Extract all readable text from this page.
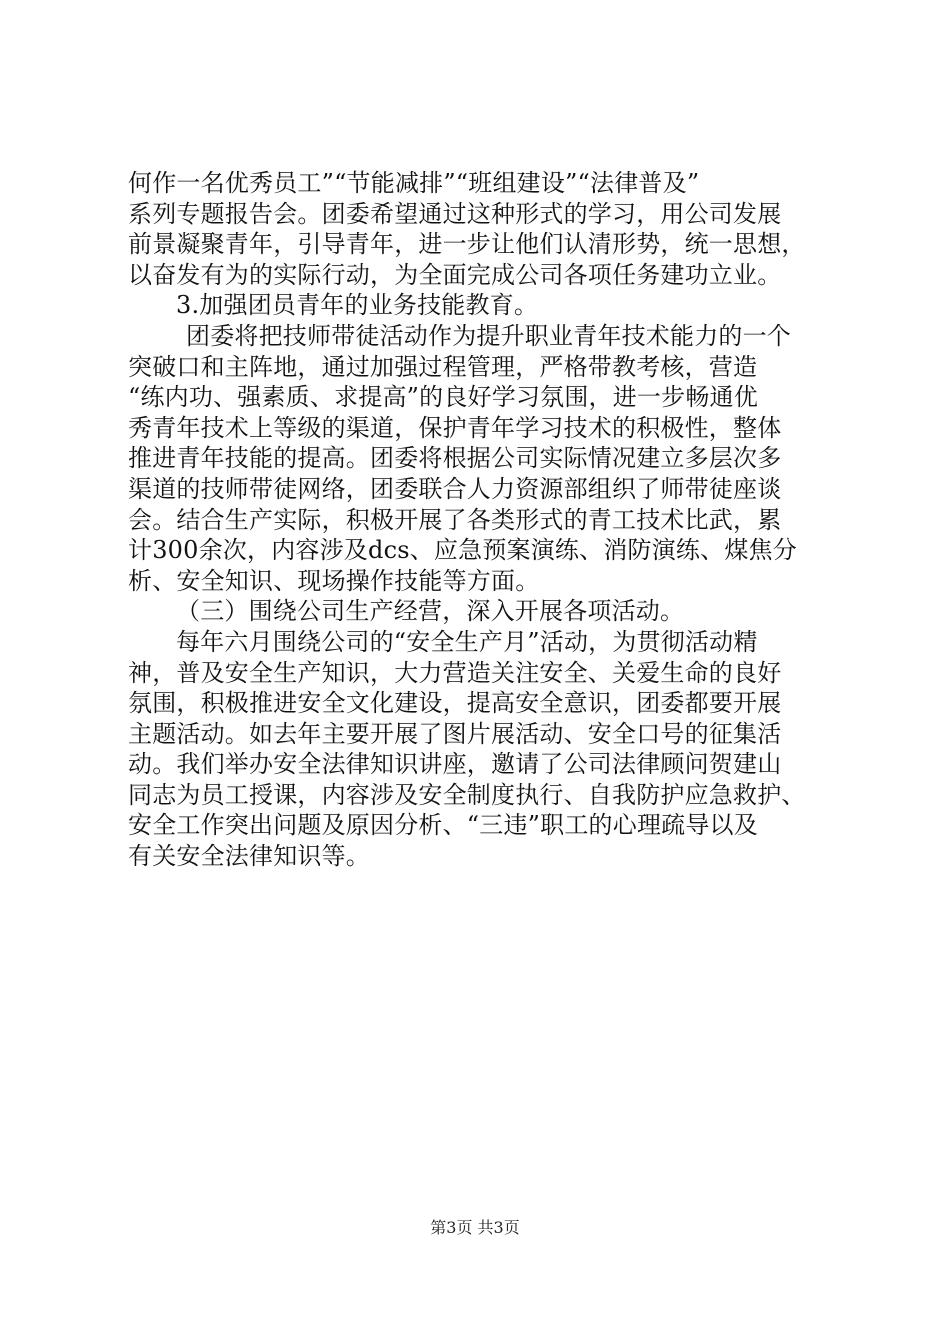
何作一名优秀员工”“节能减排”“班组建设”“法律普及”
系列专题报告会。团委希望通过这种形式的学习，用公司发展
前景凝聚青年，引导青年，进一步让他们认清形势，统一思想，
以奋发有为的实际行动，为全面完成公司各项任务建功立业。
3.加强团员青年的业务技能教育。
团委将把技师带徒活动作为提升职业青年技术能力的一个
突破口和主阵地，通过加强过程管理，严格带教考核，营造
“练内功、强素质、求提高”的良好学习氛围，进一步畅通优
秀青年技术上等级的渠道，保护青年学习技术的积极性，整体
推进青年技能的提高。团委将根据公司实际情况建立多层次多
渠道的技师带徒网络，团委联合人力资源部组织了师带徒座谈
会。结合生产实际，积极开展了各类形式的青工技术比武，累
计300余次，内容涉及dcs、应急预案演练、消防演练、煤焦分
析、安全知识、现场操作技能等方面。
（三）围绕公司生产经营，深入开展各项活动。
每年六月围绕公司的“安全生产月”活动，为贯彻活动精
神，普及安全生产知识，大力营造关注安全、关爱生命的良好
氛围，积极推进安全文化建设，提高安全意识，团委都要开展
主题活动。如去年主要开展了图片展活动、安全口号的征集活
动。我们举办安全法律知识讲座，邀请了公司法律顾问贺建山
同志为员工授课，内容涉及安全制度执行、自我防护应急救护、
安全工作突出问题及原因分析、“三违”职工的心理疏导以及
有关安全法律知识等。
第3页 共3页
